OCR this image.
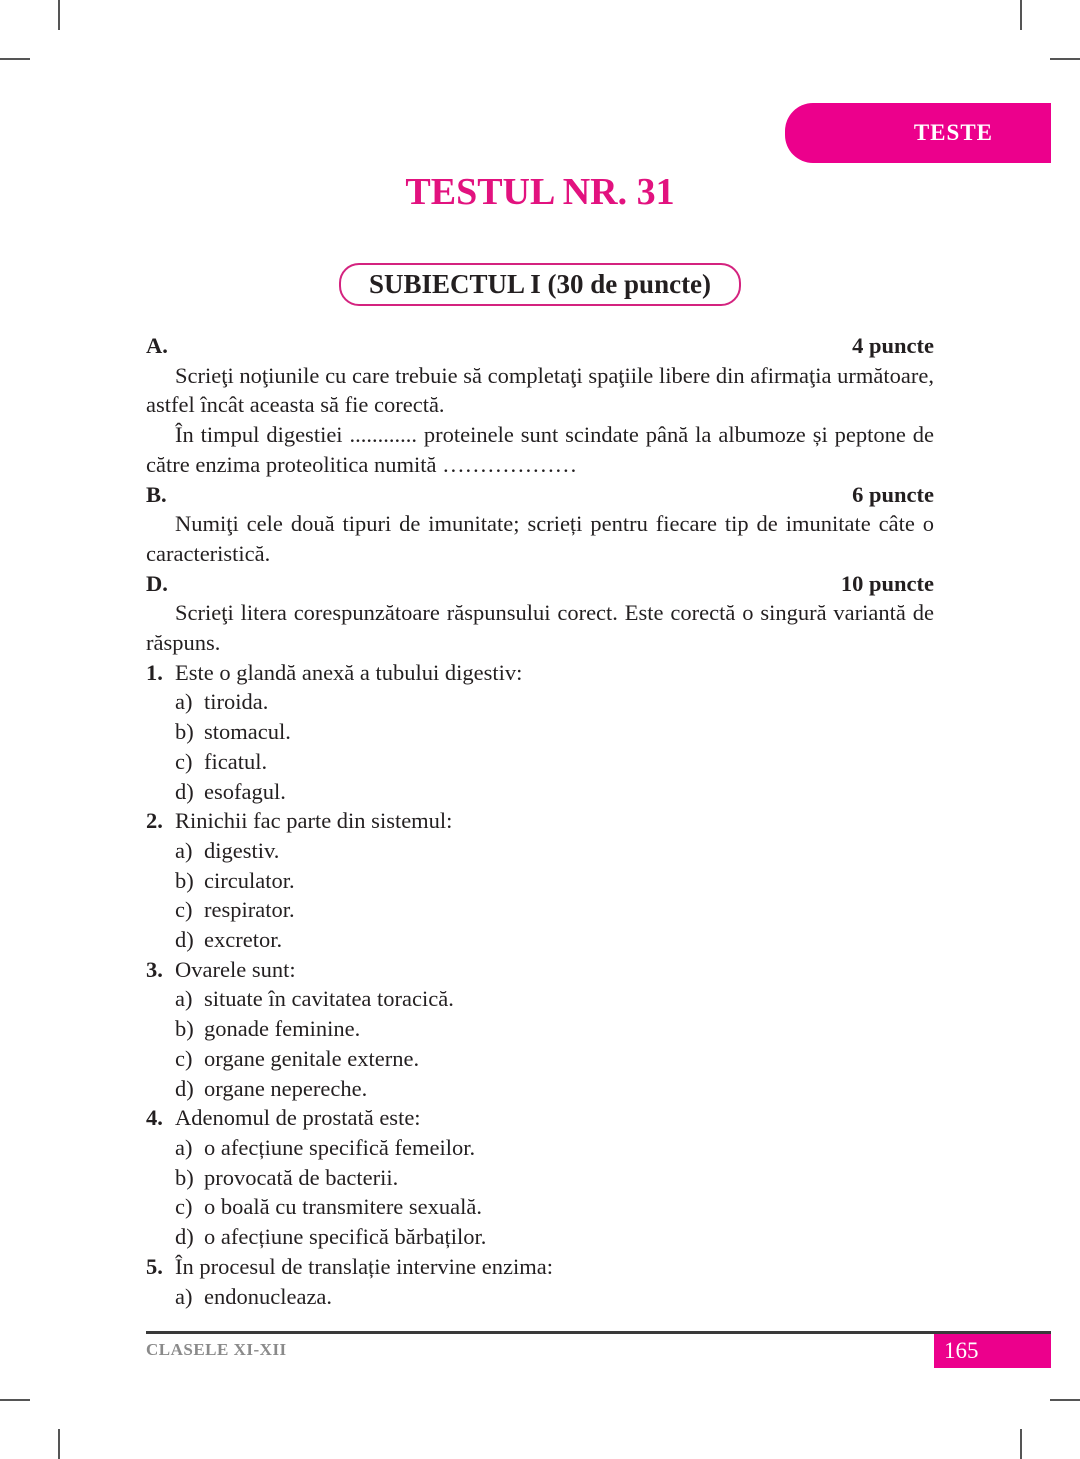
TESTE
TESTUL NR. 31
SUBIECTUL I (30 de puncte)
A.	4 puncte
Scrieţi noţiunile cu care trebuie să completaţi spaţiile libere din afirmaţia următoare, astfel încât aceasta să fie corectă.
În timpul digestiei ............ proteinele sunt scindate până la albumoze și peptone de către enzima proteolitica numită ………………
B.	6 puncte
Numiţi cele două tipuri de imunitate; scrieți pentru fiecare tip de imunitate câte o caracteristică.
D.	10 puncte
Scrieţi litera corespunzătoare răspunsului corect. Este corectă o singură variantă de răspuns.
1. Este o glandă anexă a tubului digestiv:
a) tiroida.
b) stomacul.
c) ficatul.
d) esofagul.
2. Rinichii fac parte din sistemul:
a) digestiv.
b) circulator.
c) respirator.
d) excretor.
3. Ovarele sunt:
a) situate în cavitatea toracică.
b) gonade feminine.
c) organe genitale externe.
d) organe nepereche.
4. Adenomul de prostată este:
a) o afecțiune specifică femeilor.
b) provocată de bacterii.
c) o boală cu transmitere sexuală.
d) o afecțiune specifică bărbaților.
5. În procesul de translație intervine enzima:
a) endonucleaza.
CLASELE XI-XII	165
